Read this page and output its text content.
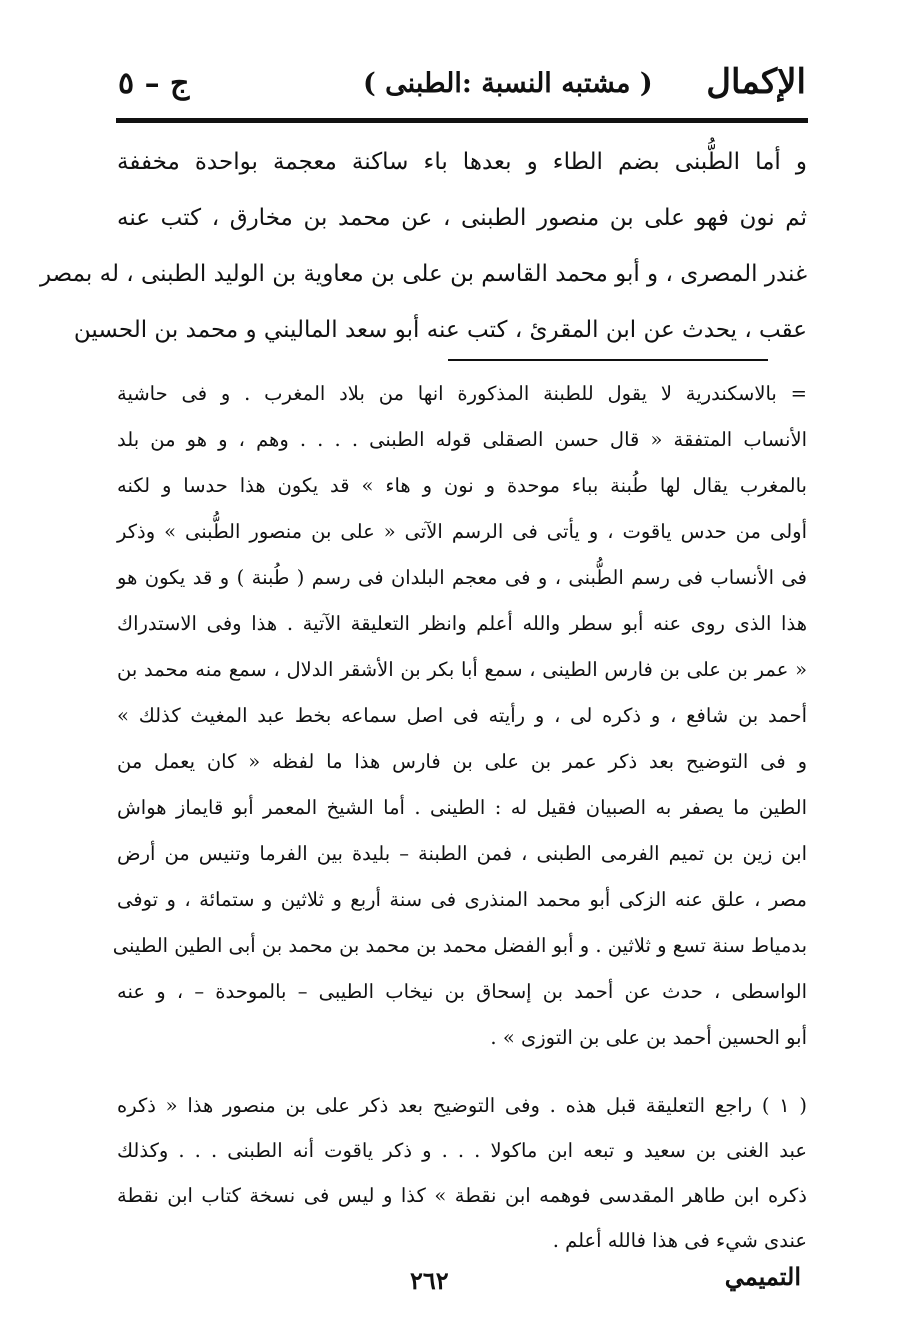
الإكمال
( مشتبه النسبة :الطبنى )
ج – ٥
و أما الطُّبنى بضم الطاء و بعدها باء ساكنة معجمة بواحدة مخففة
ثم نون فهو على بن منصور الطبنى ، عن محمد بن مخارق ، كتب عنه
غندر المصرى ، و أبو محمد القاسم بن على بن معاوية بن الوليد الطبنى ، له بمصر
عقب ، يحدث عن ابن المقرئ ، كتب عنه أبو سعد الماليني و محمد بن الحسين
= بالاسكندرية لا يقول للطبنة المذكورة انها من بلاد المغرب . و فى حاشية
الأنساب المتفقة « قال حسن الصقلى قوله الطبنى . . . . وهم ، و هو من بلد
بالمغرب يقال لها طُبنة بباء موحدة و نون و هاء » قد يكون هذا حدسا و لكنه
أولى من حدس ياقوت ، و يأتى فى الرسم الآتى « على بن منصور الطُّبنى » وذكر
فى الأنساب فى رسم الطُّبنى ، و فى معجم البلدان فى رسم ( طُبنة ) و قد يكون هو
هذا الذى روى عنه أبو سطر والله أعلم وانظر التعليقة الآتية . هذا وفى الاستدراك
« عمر بن على بن فارس الطينى ، سمع أبا بكر بن الأشقر الدلال ، سمع منه محمد بن
أحمد بن شافع ، و ذكره لى ، و رأيته فى اصل سماعه بخط عبد المغيث كذلك »
و فى التوضيح بعد ذكر عمر بن على بن فارس هذا ما لفظه « كان يعمل من
الطين ما يصفر به الصبيان فقيل له : الطينى . أما الشيخ المعمر أبو قايماز هواش
ابن زين بن تميم الفرمى الطبنى ، فمن الطبنة – بليدة بين الفرما وتنيس من أرض
مصر ، علق عنه الزكى أبو محمد المنذرى فى سنة أربع و ثلاثين و ستمائة ، و توفى
بدمياط سنة تسع و ثلاثين . و أبو الفضل محمد بن محمد بن محمد بن أبى الطين الطينى
الواسطى ، حدث عن أحمد بن إسحاق بن نيخاب الطيبى – بالموحدة – ، و عنه
أبو الحسين أحمد بن على بن التوزى » .
( ١ ) راجع التعليقة قبل هذه . وفى التوضيح بعد ذكر على بن منصور هذا « ذكره
عبد الغنى بن سعيد و تبعه ابن ماكولا . . . و ذكر ياقوت أنه الطبنى . . . وكذلك
ذكره ابن طاهر المقدسى فوهمه ابن نقطة » كذا و ليس فى نسخة كتاب ابن نقطة
عندى شيء فى هذا فالله أعلم .
التميمي
٢٦٢
